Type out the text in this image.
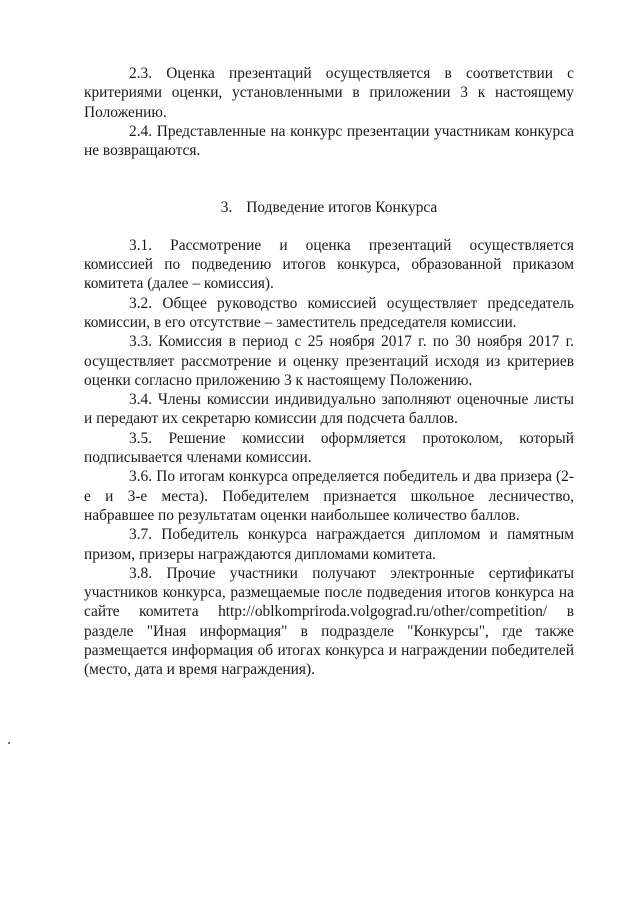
2.3. Оценка презентаций осуществляется в соответствии с критериями оценки, установленными в приложении 3 к настоящему Положению.

2.4. Представленные на конкурс презентации участникам конкурса не возвращаются.

3. Подведение итогов Конкурса

3.1. Рассмотрение и оценка презентаций осуществляется комиссией по подведению итогов конкурса, образованной приказом комитета (далее – комиссия).

3.2. Общее руководство комиссией осуществляет председатель комиссии, в его отсутствие – заместитель председателя комиссии.

3.3. Комиссия в период с 25 ноября 2017 г. по 30 ноября 2017 г. осуществляет рассмотрение и оценку презентаций исходя из критериев оценки согласно приложению 3 к настоящему Положению.

3.4. Члены комиссии индивидуально заполняют оценочные листы и передают их секретарю комиссии для подсчета баллов.

3.5. Решение комиссии оформляется протоколом, который подписывается членами комиссии.

3.6. По итогам конкурса определяется победитель и два призера (2-е и 3-е места). Победителем признается школьное лесничество, набравшее по результатам оценки наибольшее количество баллов.

3.7. Победитель конкурса награждается дипломом и памятным призом, призеры награждаются дипломами комитета.

3.8. Прочие участники получают электронные сертификаты участников конкурса, размещаемые после подведения итогов конкурса на сайте комитета http://oblkompriroda.volgograd.ru/other/competition/ в разделе "Иная информация" в подразделе "Конкурсы", где также размещается информация об итогах конкурса и награждении победителей (место, дата и время награждения).
